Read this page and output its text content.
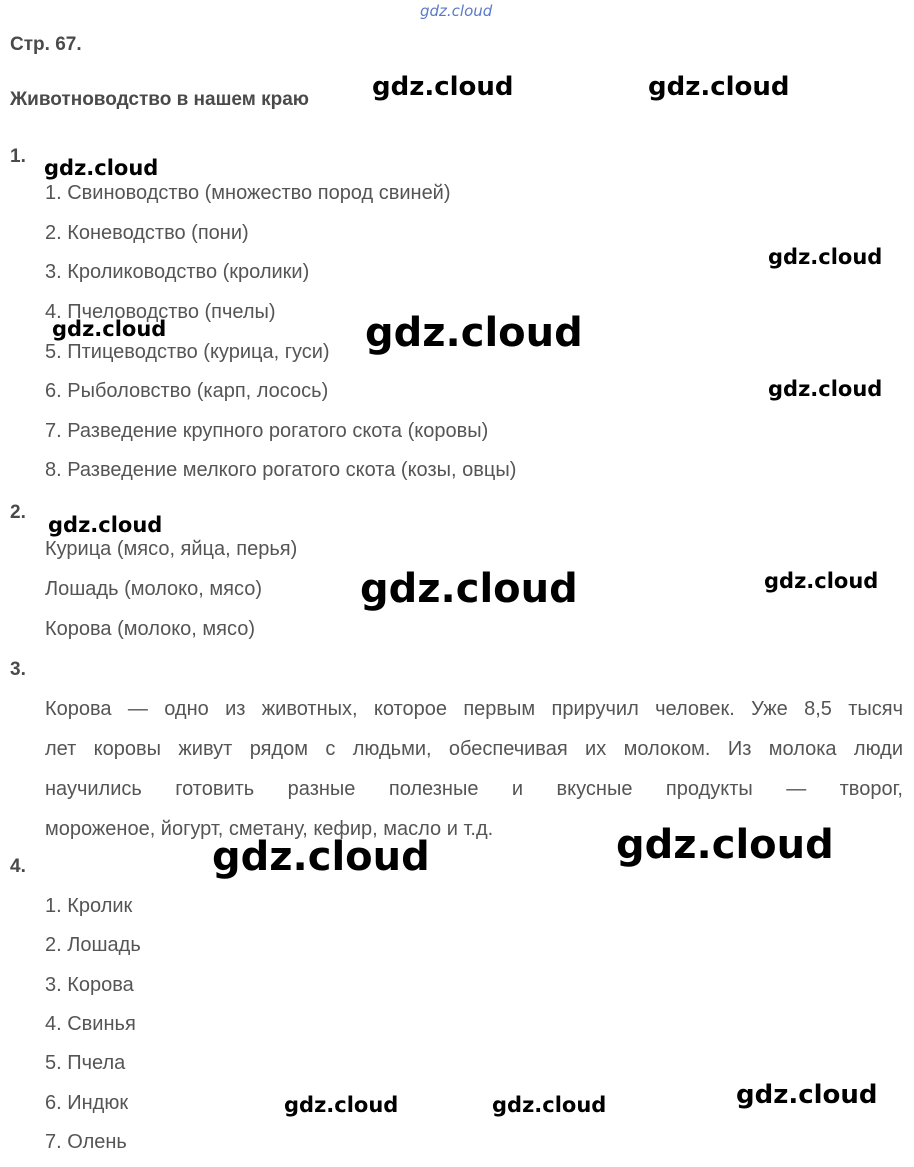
gdz.cloud
Стр. 67.
Животноводство в нашем краю
1.
1. Свиноводство (множество пород свиней)
2. Коневодство (пони)
3. Кролиководство (кролики)
4. Пчеловодство (пчелы)
5. Птицеводство (курица, гуси)
6. Рыболовство (карп, лосось)
7. Разведение крупного рогатого скота (коровы)
8. Разведение мелкого рогатого скота (козы, овцы)
2.
Курица (мясо, яйца, перья)
Лошадь (молоко, мясо)
Корова (молоко, мясо)
3.
Корова — одно из животных, которое первым приручил человек. Уже 8,5 тысяч
лет коровы живут рядом с людьми, обеспечивая их молоком. Из молока люди
научились готовить разные полезные и вкусные продукты — творог,
мороженое, йогурт, сметану, кефир, масло и т.д.
4.
1. Кролик
2. Лошадь
3. Корова
4. Свинья
5. Пчела
6. Индюк
7. Олень
gdz.cloud	gdz.cloud
gdz.cloud
gdz.cloud
gdz.cloud	gdz.cloud
gdz.cloud
gdz.cloud
gdz.cloud	gdz.cloud
gdz.cloud	gdz.cloud
gdz.cloud	gdz.cloud	gdz.cloud
